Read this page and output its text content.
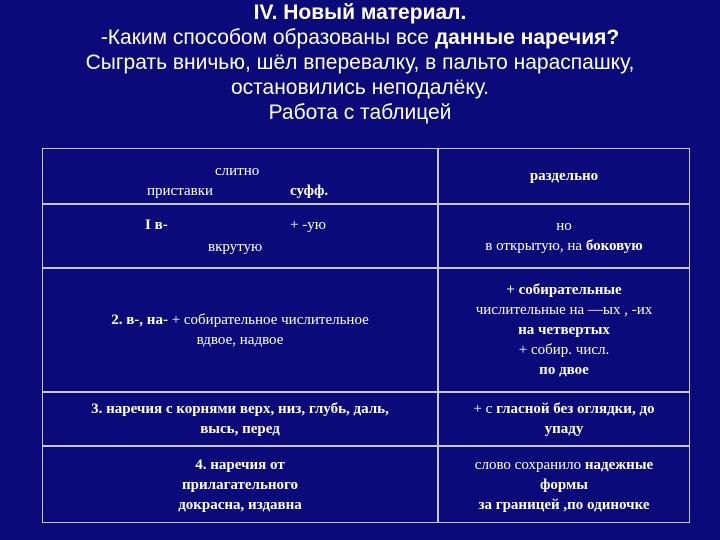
IV. Новый материал.
-Каким способом образованы все данные наречия?
Сыграть вничью, шёл вперевалку, в пальто нараспашку,
остановились неподалёку.
Работа с таблицей
слитно
приставки	суфф.
раздельно
I в-
вкрутую
+ -ую	но
в открытую, на боковую
2. в-, на- + собирательное числительное
вдвое, надвое
+ собирательные
числительные на —ых , -их
на четвертых
+ собир. числ.
по двое
3. наречия с корнями верх, низ, глубь, даль,
высь, перед
+ с гласной без оглядки, до
упаду
4. наречия от
прилагательного
докрасна, издавна
слово сохранило надежные
формы
за границей ,по одиночке
